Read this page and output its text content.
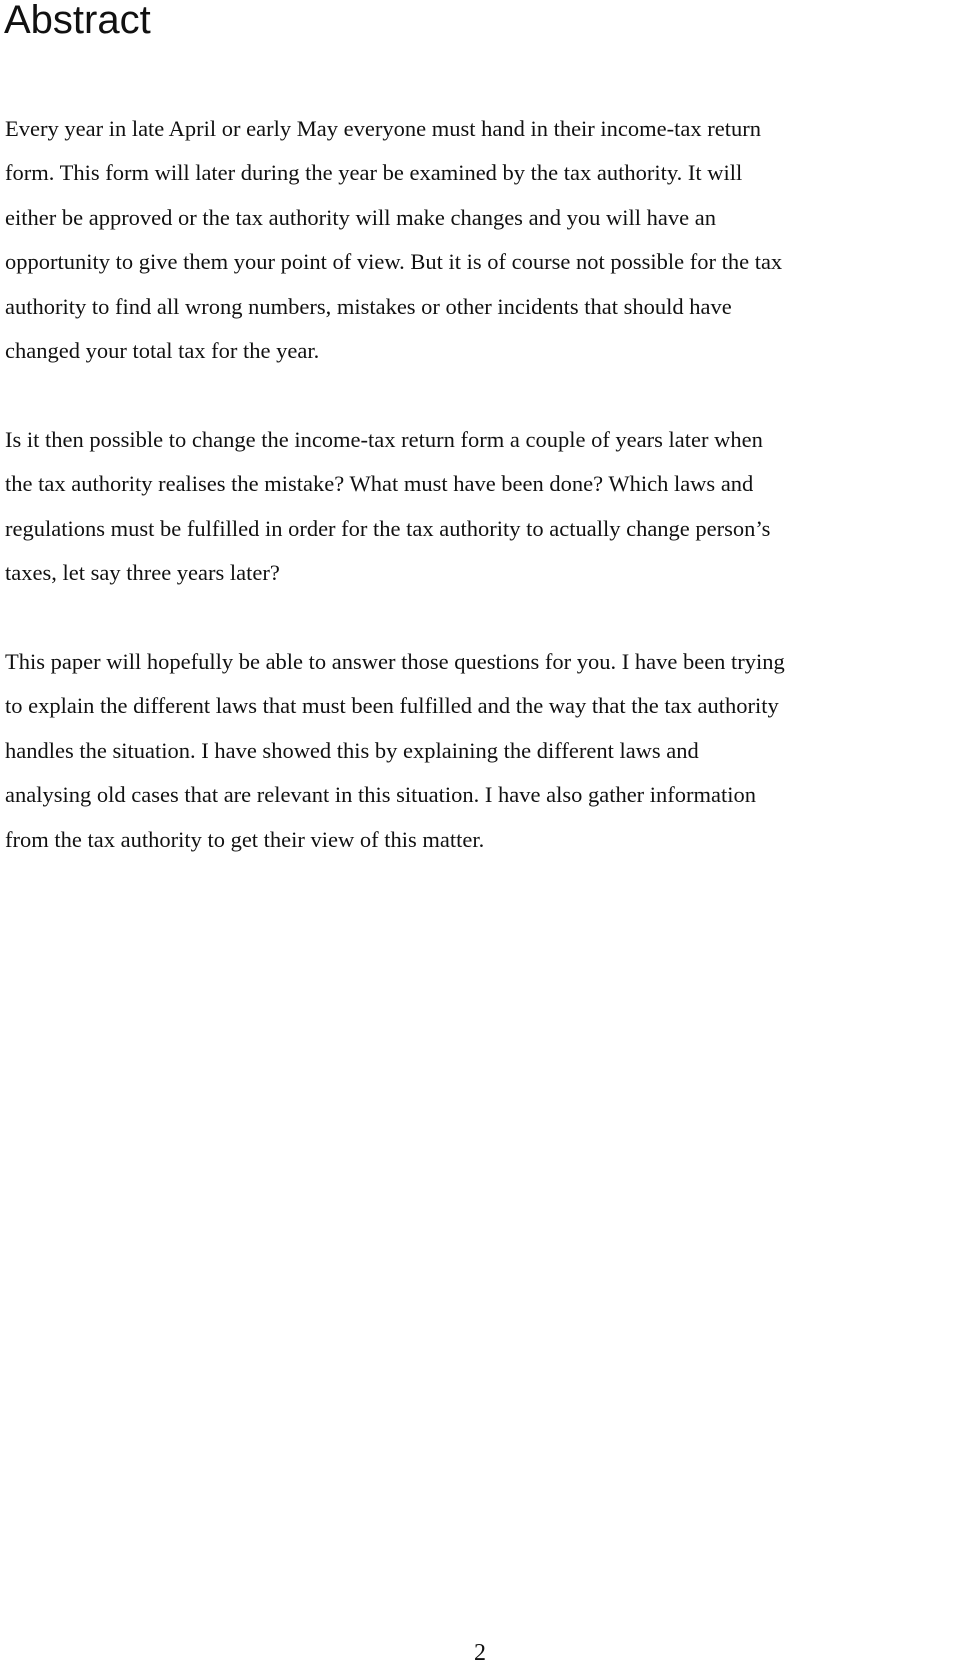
Abstract

Every year in late April or early May everyone must hand in their income-tax return
form. This form will later during the year be examined by the tax authority. It will
either be approved or the tax authority will make changes and you will have an
opportunity to give them your point of view. But it is of course not possible for the tax
authority to find all wrong numbers, mistakes or other incidents that should have
changed your total tax for the year.

Is it then possible to change the income-tax return form a couple of years later when
the tax authority realises the mistake? What must have been done? Which laws and
regulations must be fulfilled in order for the tax authority to actually change person’s
taxes, let say three years later?

This paper will hopefully be able to answer those questions for you. I have been trying
to explain the different laws that must been fulfilled and the way that the tax authority
handles the situation. I have showed this by explaining the different laws and
analysing old cases that are relevant in this situation. I have also gather information
from the tax authority to get their view of this matter.

2
